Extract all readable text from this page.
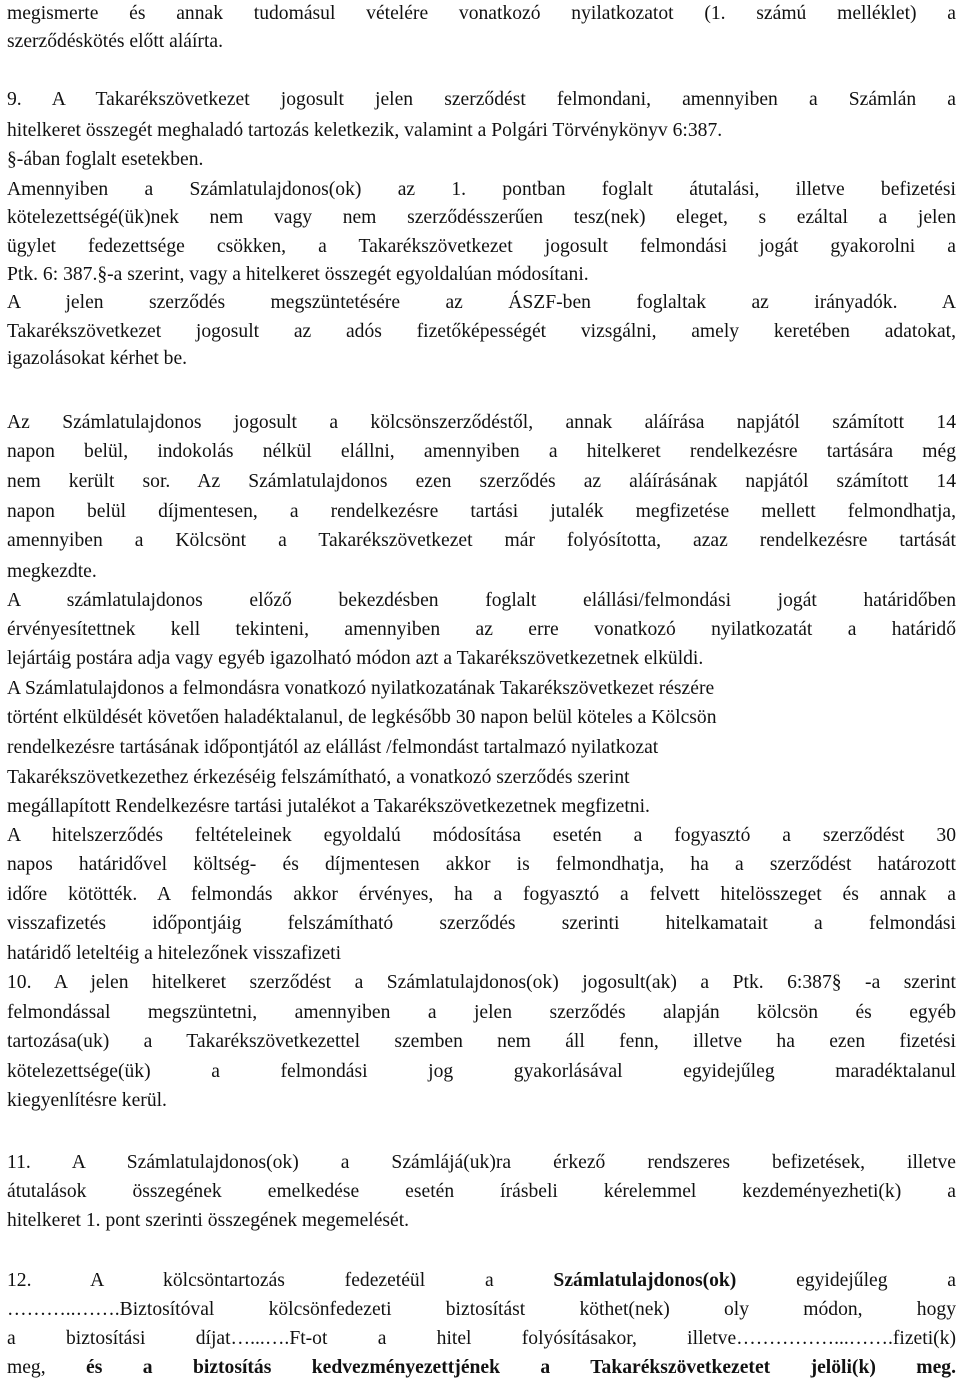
megismerte és annak tudomásul vételére vonatkozó nyilatkozatot (1. számú melléklet) a
szerződéskötés előtt aláírta.
9. A Takarékszövetkezet jogosult jelen szerződést felmondani, amennyiben a Számlán a
hitelkeret összegét meghaladó tartozás keletkezik, valamint a Polgári Törvénykönyv 6:387.
§-ában foglalt esetekben.
Amennyiben a Számlatulajdonos(ok) az 1. pontban foglalt átutalási, illetve befizetési
kötelezettségé(ük)nek nem vagy nem szerződésszerűen tesz(nek) eleget, s ezáltal a jelen
ügylet fedezettsége csökken, a Takarékszövetkezet jogosult felmondási jogát gyakorolni a
Ptk. 6: 387.§-a szerint, vagy a hitelkeret összegét egyoldalúan módosítani.
A jelen szerződés megszüntetésére az ÁSZF-ben foglaltak az irányadók. A
Takarékszövetkezet jogosult az adós fizetőképességét vizsgálni, amely keretében adatokat,
igazolásokat kérhet be.
Az Számlatulajdonos jogosult a kölcsönszerződéstől, annak aláírása napjától számított 14
napon belül, indokolás nélkül elállni, amennyiben a hitelkeret rendelkezésre tartására még
nem került sor. Az Számlatulajdonos ezen szerződés az aláírásának napjától számított 14
napon belül díjmentesen, a rendelkezésre tartási jutalék megfizetése mellett felmondhatja,
amennyiben a Kölcsönt a Takarékszövetkezet már folyósította, azaz rendelkezésre tartását
megkezdte.
A számlatulajdonos előző bekezdésben foglalt elállási/felmondási jogát határidőben
érvényesítettnek kell tekinteni, amennyiben az erre vonatkozó nyilatkozatát a határidő
lejártáig postára adja vagy egyéb igazolható módon azt a Takarékszövetkezetnek elküldi.
A Számlatulajdonos a felmondásra vonatkozó nyilatkozatának Takarékszövetkezet részére
történt elküldését követően haladéktalanul, de legkésőbb 30 napon belül köteles a Kölcsön
rendelkezésre tartásának időpontjától az elállást /felmondást tartalmazó nyilatkozat
Takarékszövetkezethez érkezéséig felszámítható, a vonatkozó szerződés szerint
megállapított Rendelkezésre tartási jutalékot a Takarékszövetkezetnek megfizetni.
A hitelszerződés feltételeinek egyoldalú módosítása esetén a fogyasztó a szerződést 30
napos határidővel költség- és díjmentesen akkor is felmondhatja, ha a szerződést határozott
időre kötötték. A felmondás akkor érvényes, ha a fogyasztó a felvett hitelösszeget és annak a
visszafizetés időpontjáig felszámítható szerződés szerinti hitelkamatait a felmondási
határidő leteltéig a hitelezőnek visszafizeti
10. A jelen hitelkeret szerződést a Számlatulajdonos(ok) jogosult(ak) a Ptk. 6:387§ -a szerint
felmondással megszüntetni, amennyiben a jelen szerződés alapján kölcsön és egyéb
tartozása(uk) a Takarékszövetkezettel szemben nem áll fenn, illetve ha ezen fizetési
kötelezettsége(ük) a felmondási jog gyakorlásával egyidejűleg maradéktalanul
kiegyenlítésre kerül.
11. A Számlatulajdonos(ok) a Számlájá(uk)ra érkező rendszeres befizetések, illetve
átutalások összegének emelkedése esetén írásbeli kérelemmel kezdeményezheti(k) a
hitelkeret 1. pont szerinti összegének megemelését.
12. A kölcsöntartozás fedezetéül a Számlatulajdonos(ok) egyidejűleg a
………..…….Biztosítóval kölcsönfedezeti biztosítást köthet(nek) oly módon, hogy
a biztosítási díjat…...….Ft-ot a hitel folyósításakor, illetve……………...…….fizeti(k)
meg, és a biztosítás kedvezményezettjének a Takarékszövetkezetet jelöli(k) meg.
